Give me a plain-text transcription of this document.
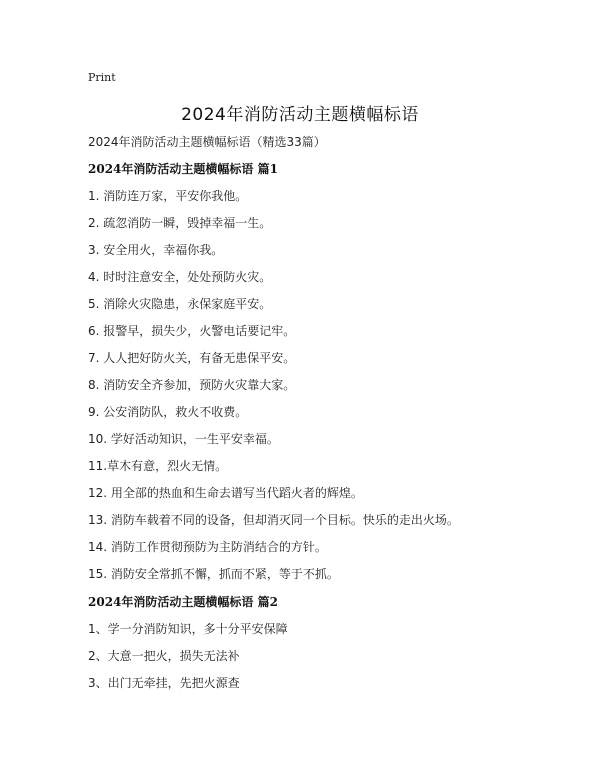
Print
2024年消防活动主题横幅标语
2024年消防活动主题横幅标语（精选33篇）
2024年消防活动主题横幅标语 篇1
1. 消防连万家，平安你我他。
2. 疏忽消防一瞬，毁掉幸福一生。
3. 安全用火，幸福你我。
4. 时时注意安全，处处预防火灾。
5. 消除火灾隐患，永保家庭平安。
6. 报警早，损失少，火警电话要记牢。
7. 人人把好防火关，有备无患保平安。
8. 消防安全齐参加，预防火灾靠大家。
9. 公安消防队，救火不收费。
10. 学好活动知识，一生平安幸福。
11.草木有意，烈火无情。
12. 用全部的热血和生命去谱写当代蹈火者的辉煌。
13. 消防车载着不同的设备，但却消灭同一个目标。快乐的走出火场。
14. 消防工作贯彻预防为主防消结合的方针。
15. 消防安全常抓不懈，抓而不紧，等于不抓。
2024年消防活动主题横幅标语 篇2
1、学一分消防知识，多十分平安保障
2、大意一把火，损失无法补
3、出门无牵挂，先把火源查
